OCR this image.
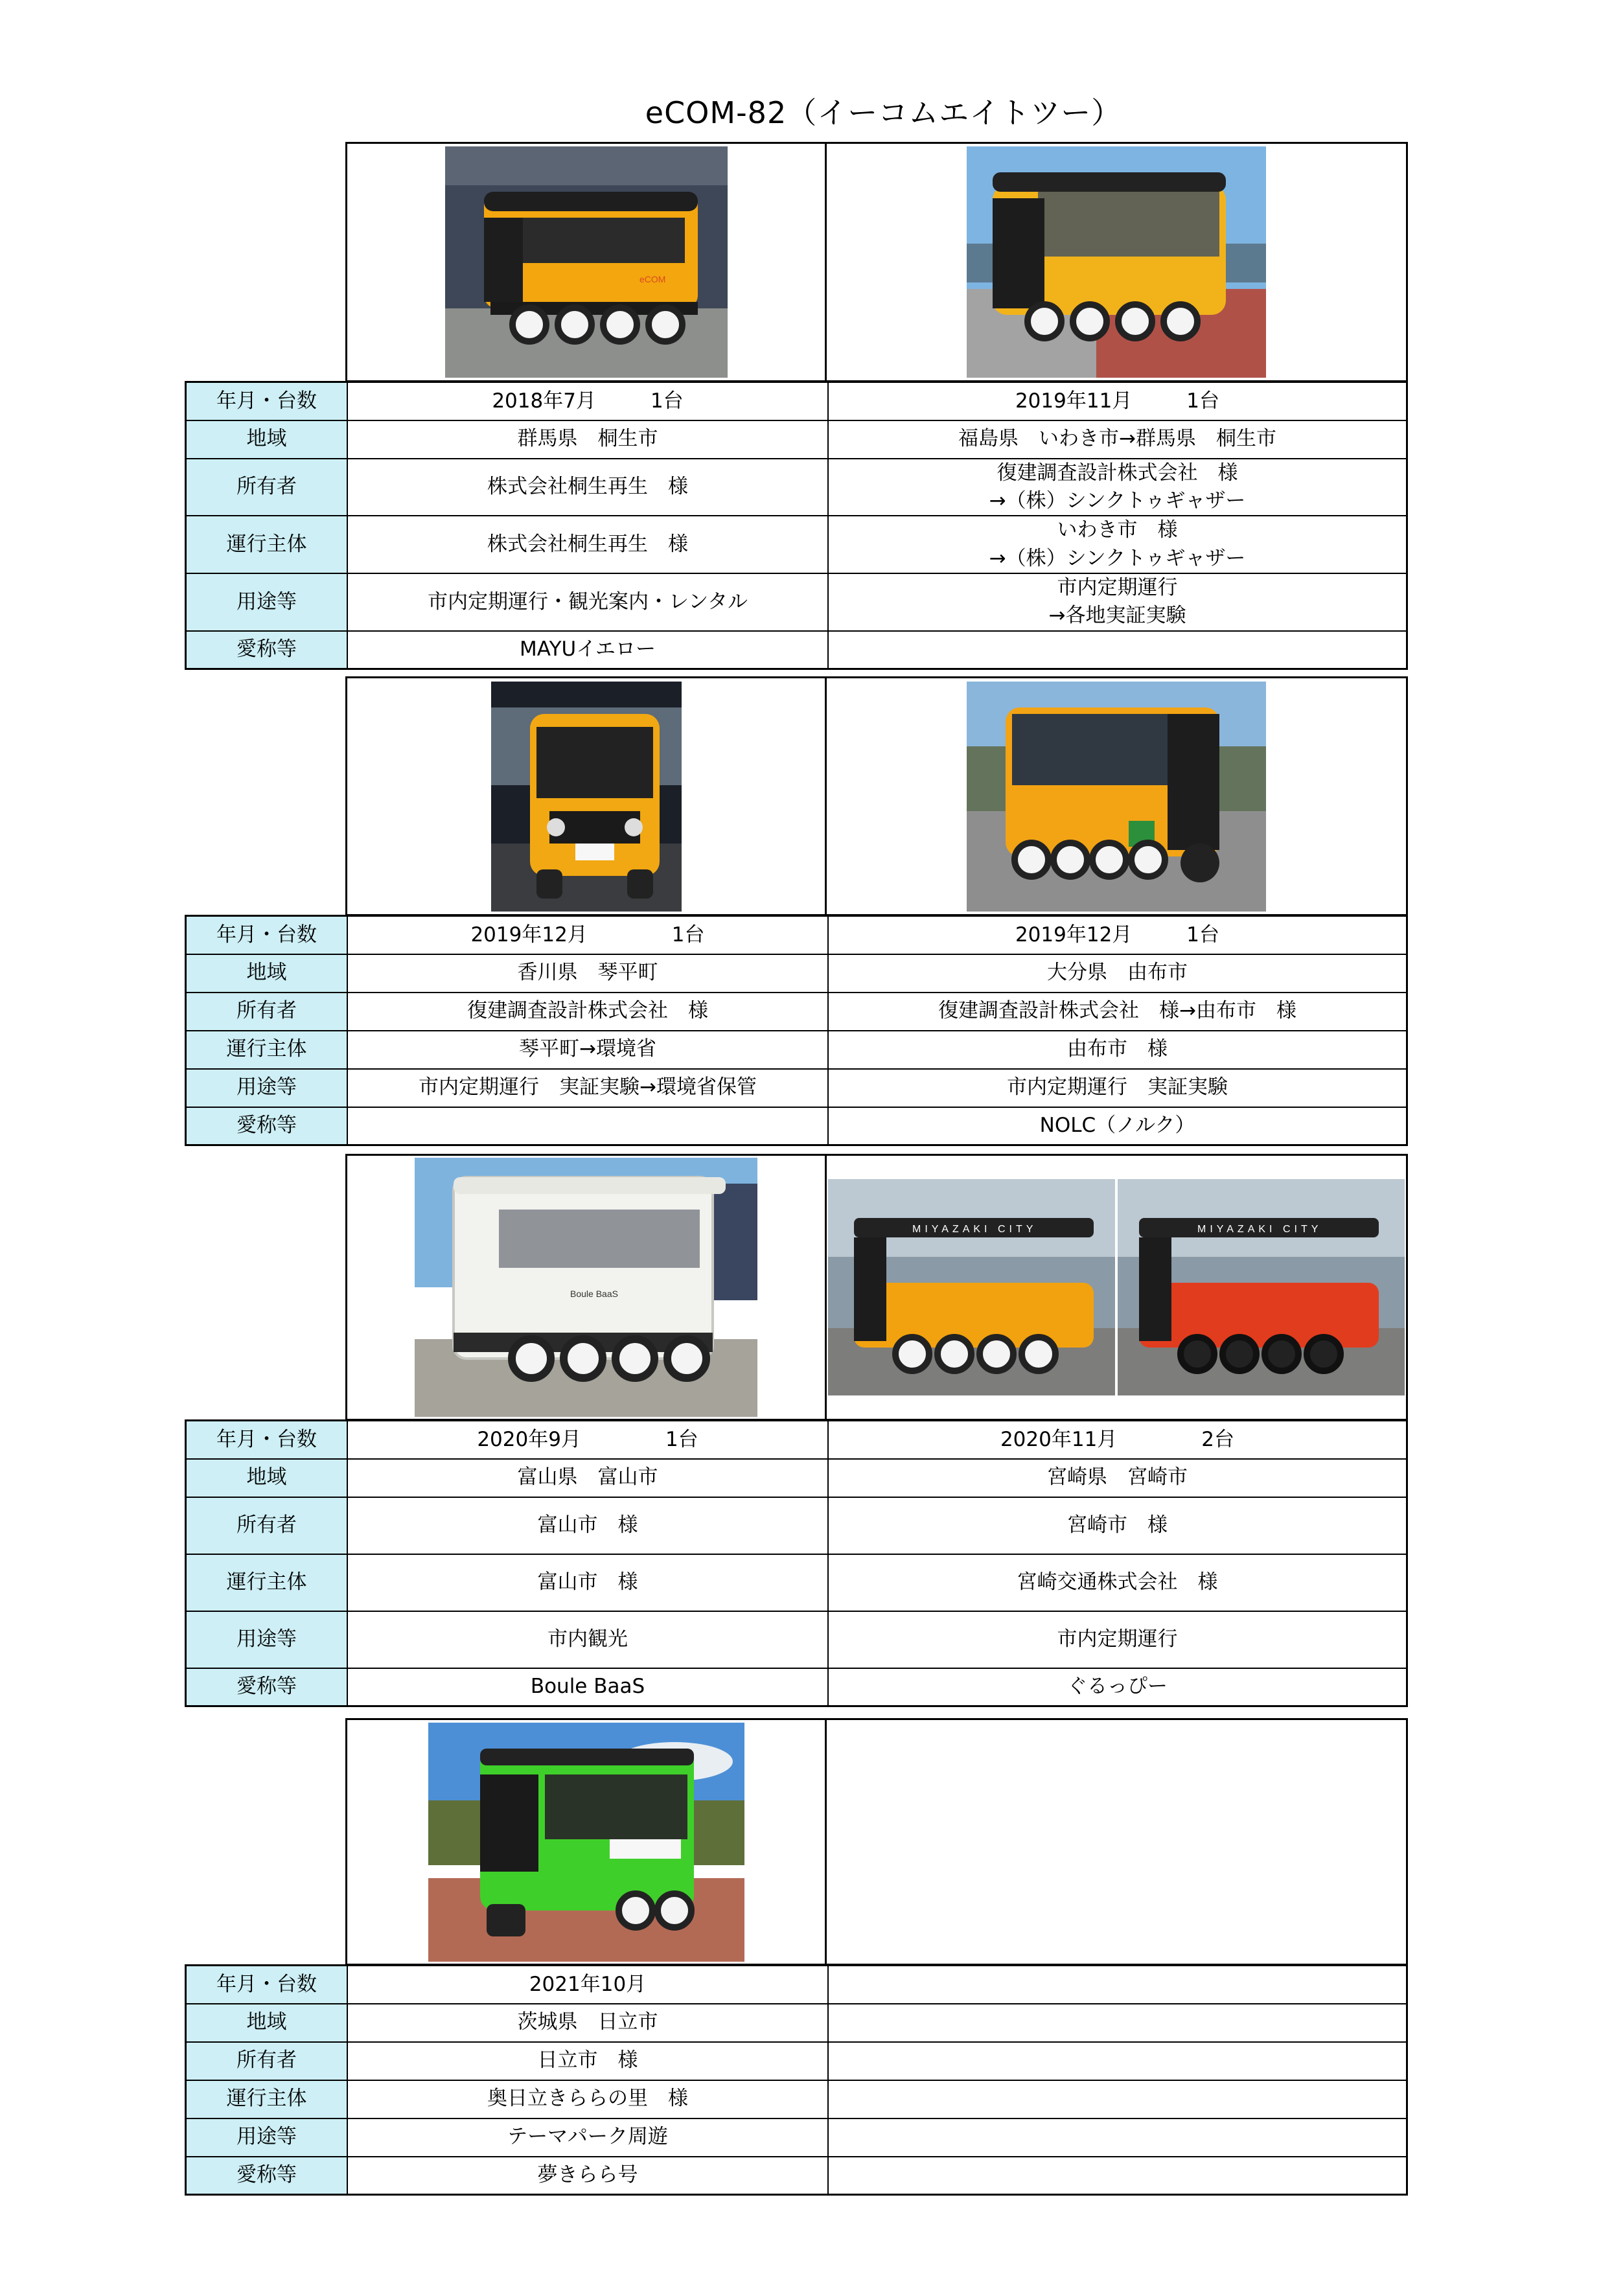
eCOM-82（イーコムエイトツー）
eCOM
年月・台数	2018年7月 1台	2019年11月 1台
地域	群馬県　桐生市	福島県　いわき市→群馬県　桐生市
所有者	株式会社桐生再生　様	復建調査設計株式会社　様
→（株）シンクトゥギャザー

運行主体	株式会社桐生再生　様	いわき市　様
→（株）シンクトゥギャザー

用途等	市内定期運行・観光案内・レンタル	市内定期運行
→各地実証実験

愛称等	MAYUイエロー	
年月・台数	2019年12月 1台	2019年12月 1台
地域	香川県　琴平町	大分県　由布市
所有者	復建調査設計株式会社　様	復建調査設計株式会社　様→由布市　様
運行主体	琴平町→環境省	由布市　様
用途等	市内定期運行　実証実験→環境省保管	市内定期運行　実証実験
愛称等		NOLC（ノルク）
Boule BaaS
MIYAZAKI CITY	MIYAZAKI CITY
年月・台数	2020年9月 1台	2020年11月 2台
地域	富山県　富山市	宮崎県　宮崎市
所有者	富山市　様	宮崎市　様
運行主体	富山市　様	宮崎交通株式会社　様
用途等	市内観光	市内定期運行
愛称等	Boule BaaS	ぐるっぴー
年月・台数	2021年10月	
地域	茨城県　日立市	
所有者	日立市　様	
運行主体	奥日立きららの里　様	
用途等	テーマパーク周遊	
愛称等	夢きらら号	
